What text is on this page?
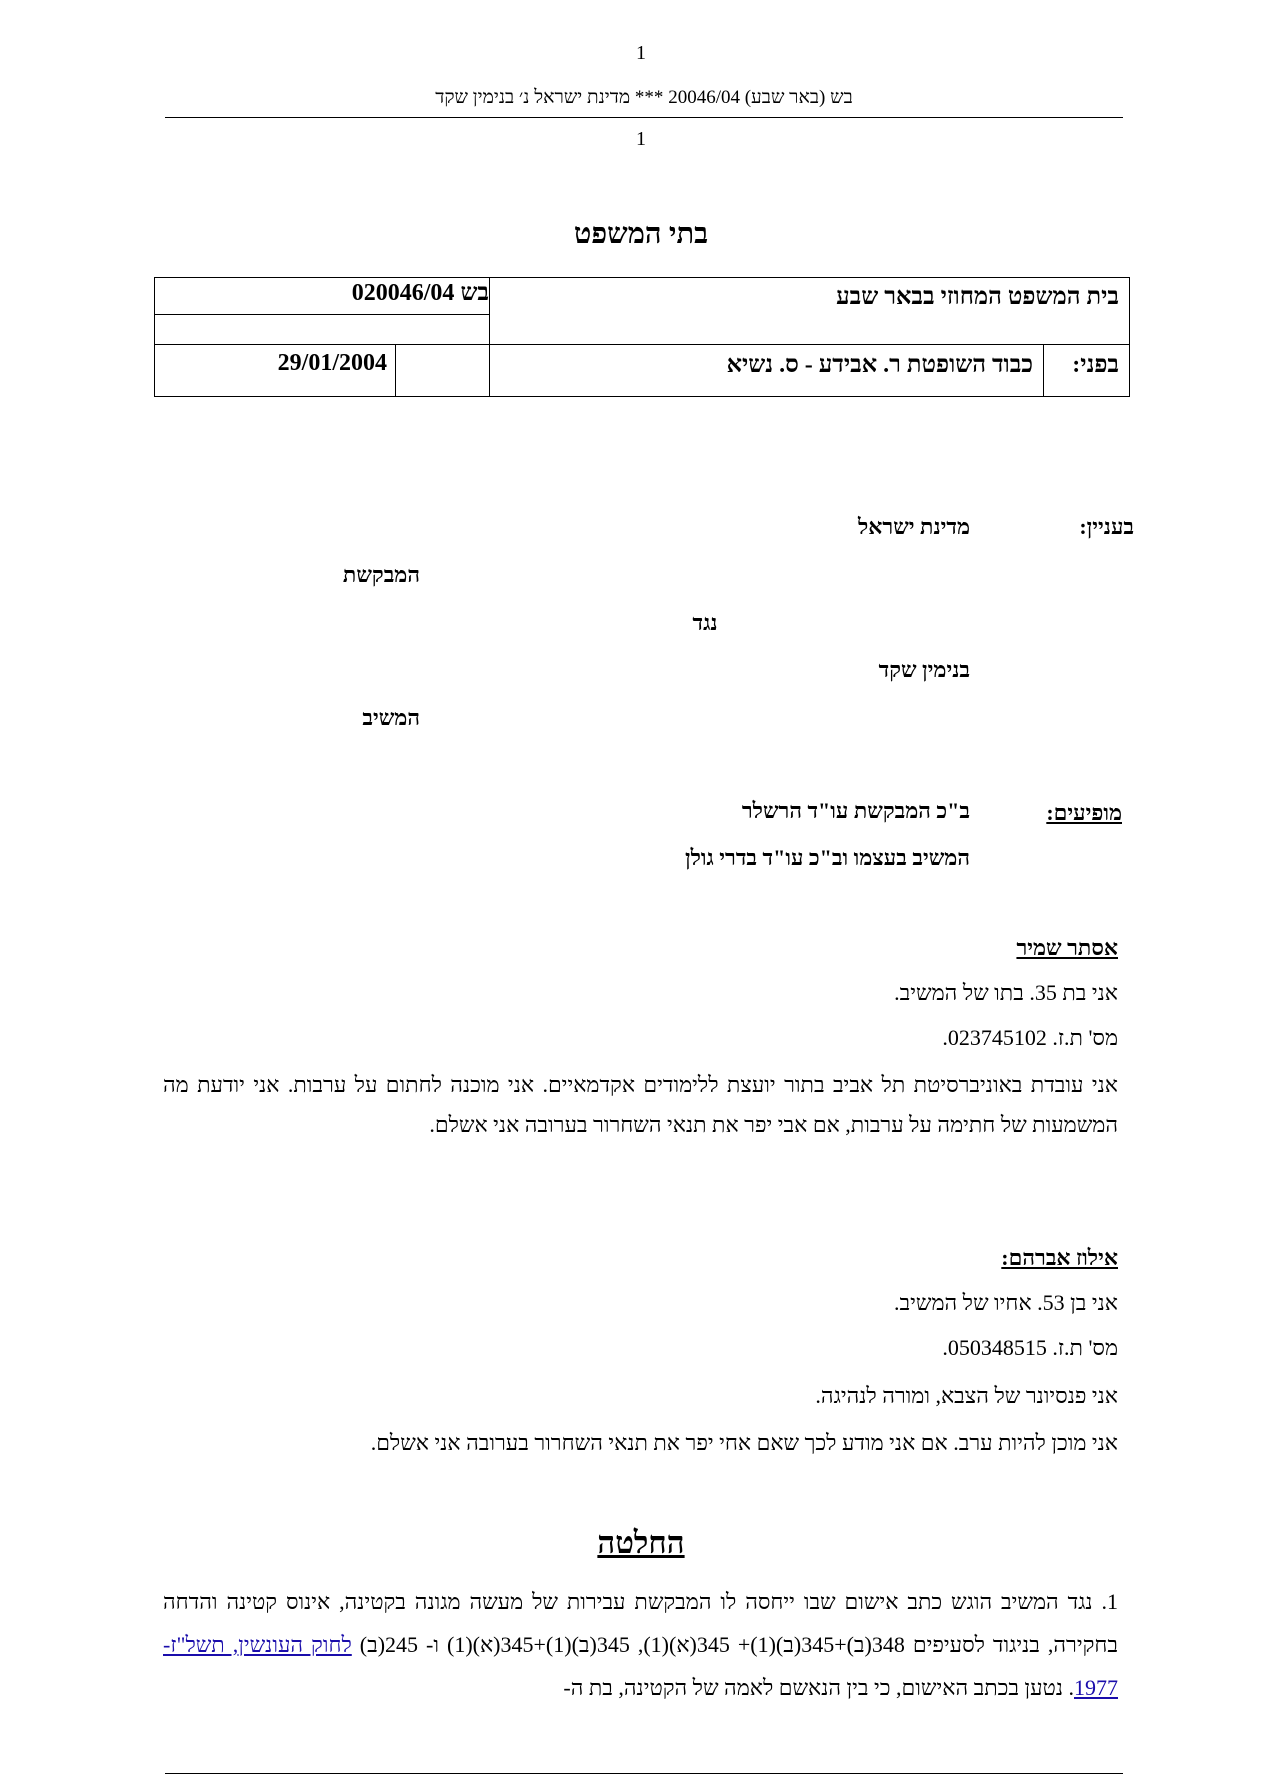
1
בש (באר שבע) 20046/04 *** מדינת ישראל נ׳ בנימין שקד
1
בתי המשפט
בש 020046/04	בית המשפט המחוזי בבאר שבע
בפני:
כבוד השופטת ר. אבידע - ס. נשיא
29/01/2004
בעניין:
מדינת ישראל
המבקשת
נגד
בנימין שקד
המשיב
מופיעים:
ב"כ המבקשת עו"ד הרשלר
המשיב בעצמו וב"כ עו"ד בדרי גולן
אסתר שמיר
אני בת 35. בתו של המשיב.
מס' ת.ז. 023745102.
אני עובדת באוניברסיטת תל אביב בתור יועצת ללימודים אקדמאיים. אני מוכנה לחתום על ערבות. אני יודעת מה המשמעות של חתימה על ערבות, אם אבי יפר את תנאי השחרור בערובה אני אשלם.
אילוז אברהם:
אני בן 53. אחיו של המשיב.
מס' ת.ז. 050348515.
אני פנסיונר של הצבא, ומורה לנהיגה.
אני מוכן להיות ערב. אם אני מודע לכך שאם אחי יפר את תנאי השחרור בערובה אני אשלם.
החלטה
1. נגד המשיב הוגש כתב אישום שבו ייחסה לו המבקשת עבירות של מעשה מגונה בקטינה, אינוס קטינה והדחה בחקירה, בניגוד לסעיפים 348(ב)+345(ב)(1)+ 345(א)(1), 345(ב)(1)+345(א)(1) ו- 245(ב) לחוק העונשין, תשל"ז- 1977. נטען בכתב האישום, כי בין הנאשם לאמה של הקטינה, בת ה-
